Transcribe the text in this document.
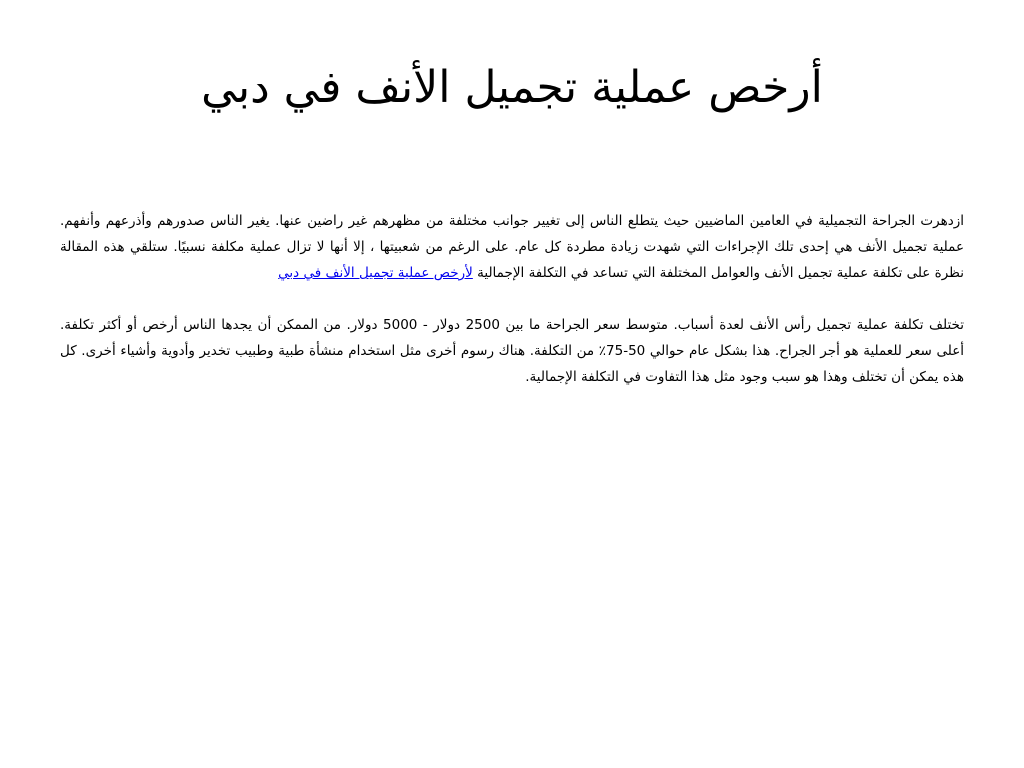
أرخص عملية تجميل الأنف في دبي

ازدهرت الجراحة التجميلية في العامين الماضيين حيث يتطلع الناس إلى تغيير جوانب مختلفة من مظهرهم غير راضين عنها. يغير الناس صدورهم وأذرعهم وأنفهم. عملية تجميل الأنف هي إحدى تلك الإجراءات التي شهدت زيادة مطردة كل عام. على الرغم من شعبيتها ، إلا أنها لا تزال عملية مكلفة نسبيًا. ستلقي هذه المقالة نظرة على تكلفة عملية تجميل الأنف والعوامل المختلفة التي تساعد في التكلفة الإجمالية لأرخص عملية تجميل الأنف في دبي

تختلف تكلفة عملية تجميل رأس الأنف لعدة أسباب. متوسط سعر الجراحة ما بين 2500 دولار - 5000 دولار. من الممكن أن يجدها الناس أرخص أو أكثر تكلفة. أعلى سعر للعملية هو أجر الجراح. هذا بشكل عام حوالي 50-75٪ من التكلفة. هناك رسوم أخرى مثل استخدام منشأة طبية وطبيب تخدير وأدوية وأشياء أخرى. كل هذه يمكن أن تختلف وهذا هو سبب وجود مثل هذا التفاوت في التكلفة الإجمالية.
